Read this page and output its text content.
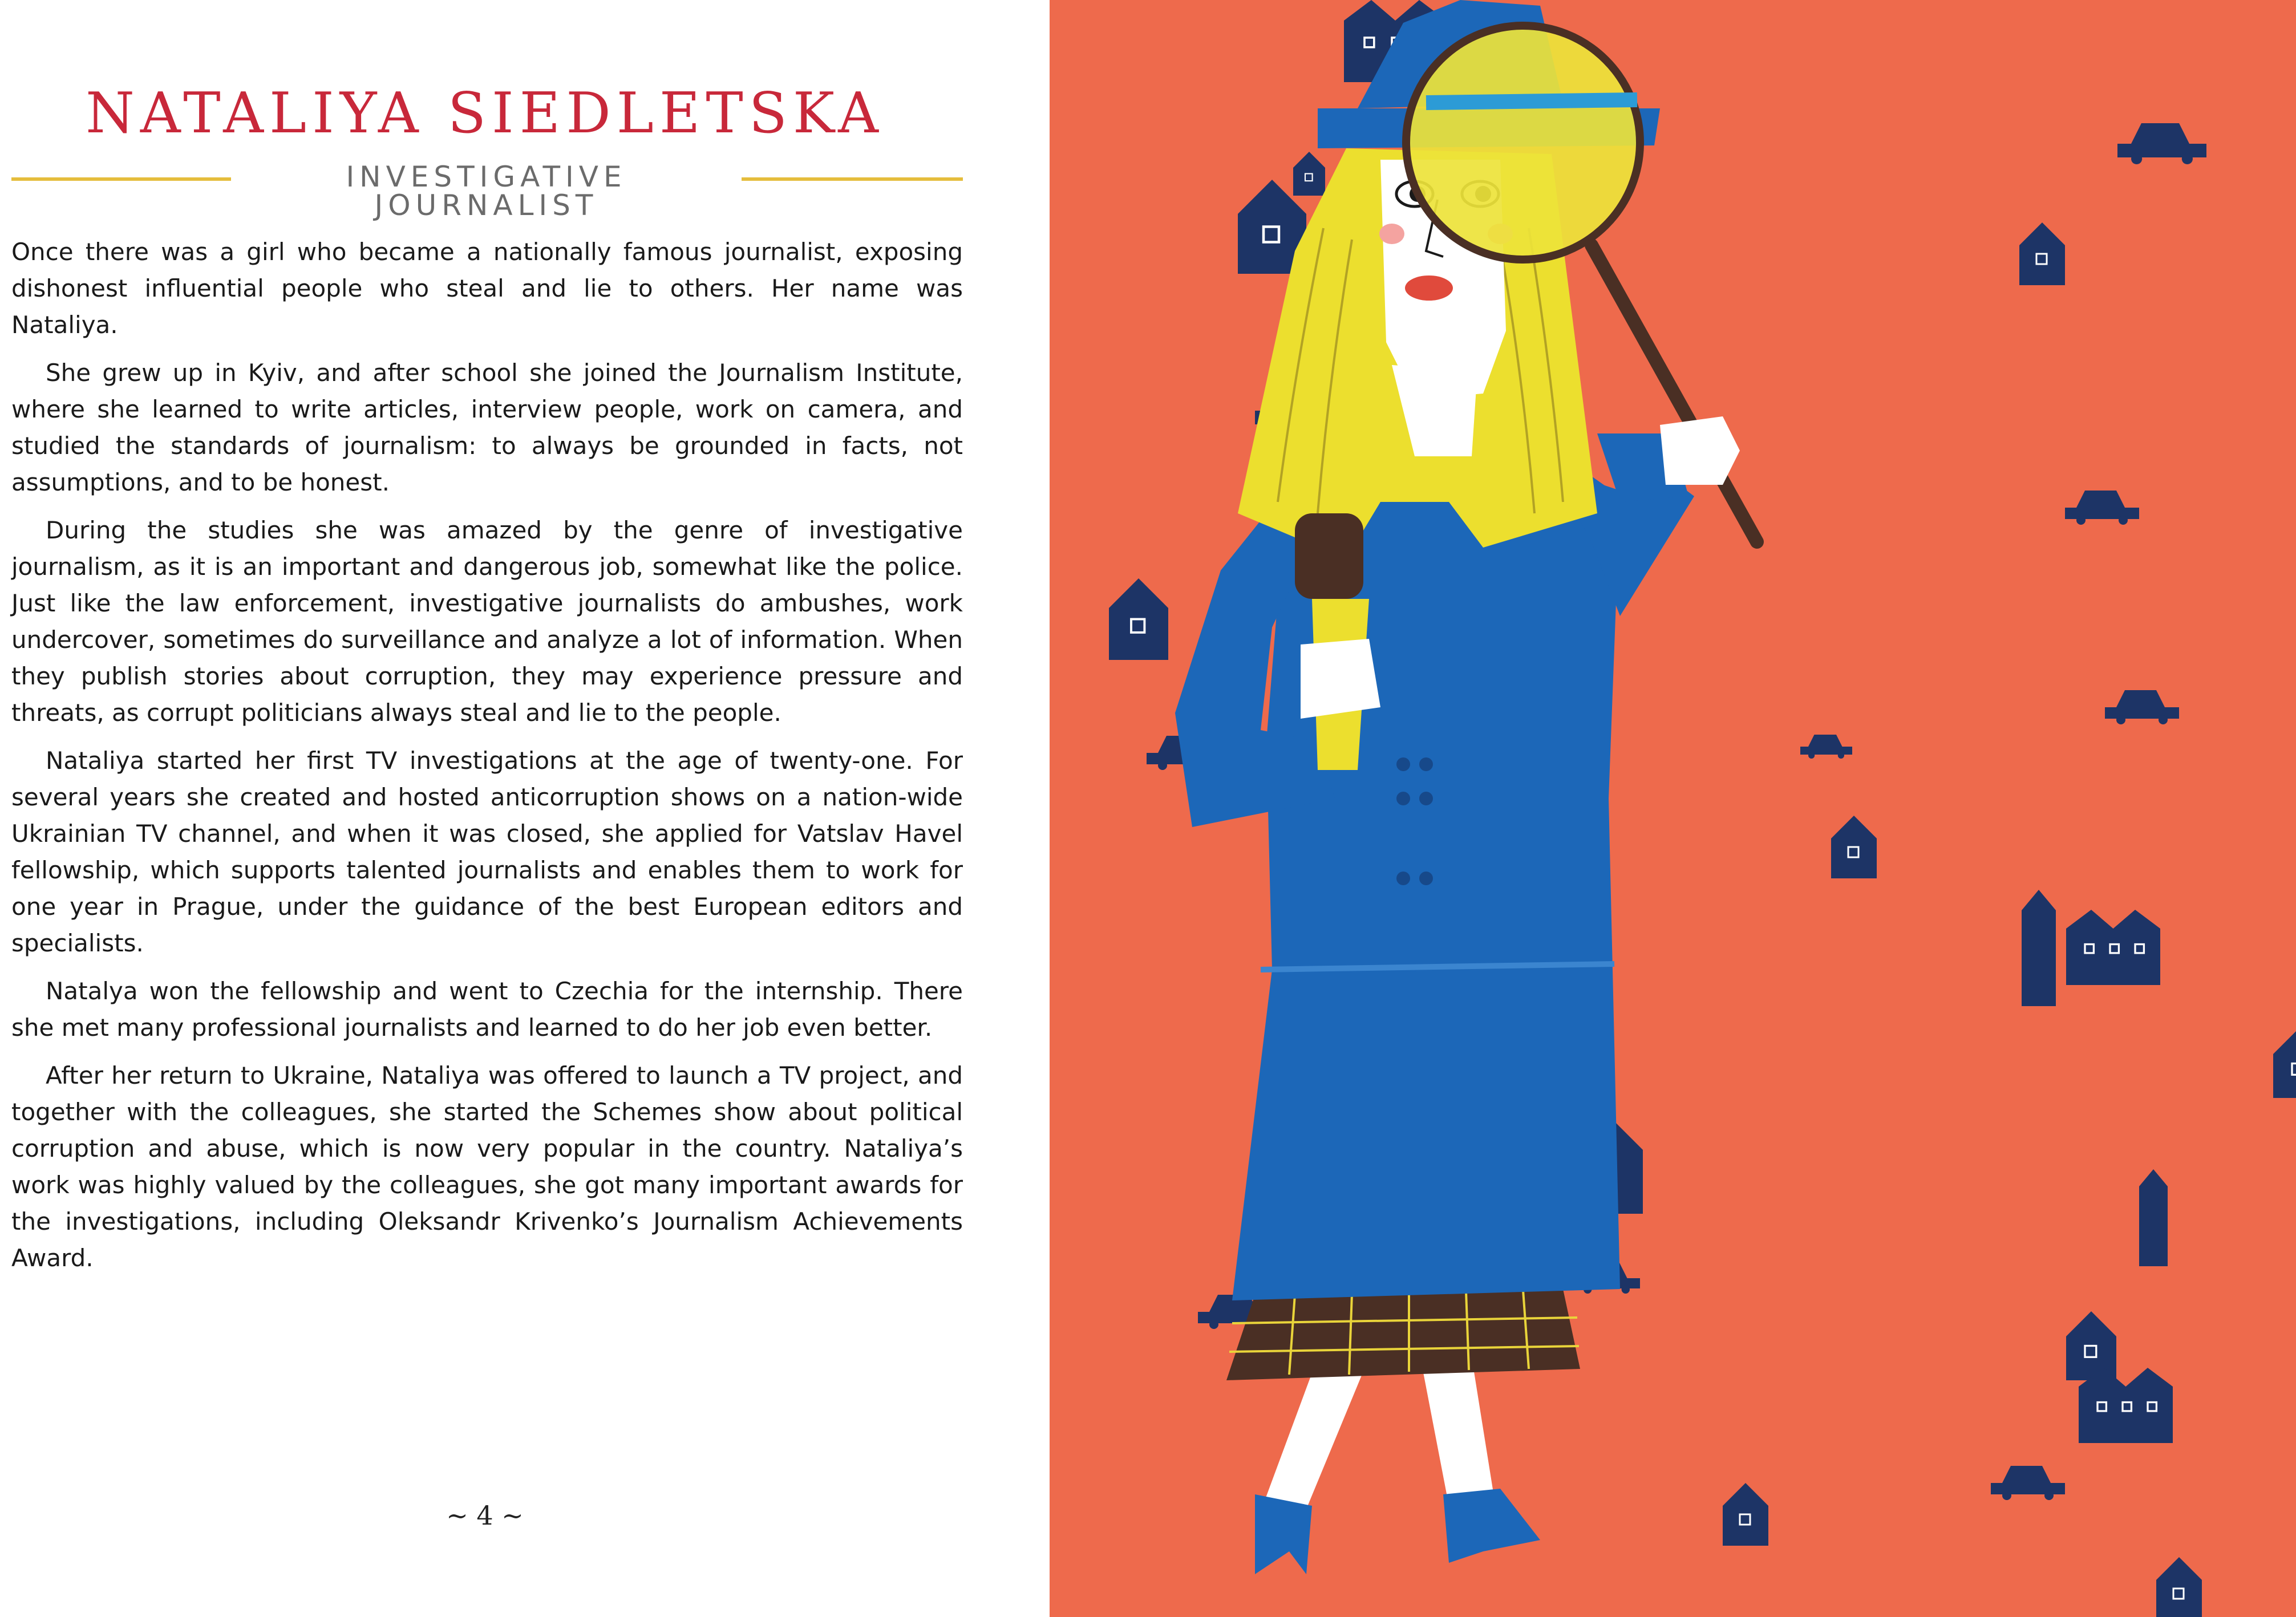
NATALIYA SIEDLETSKA
INVESTIGATIVE JOURNALIST

Once there was a girl who became a nationally famous journalist, exposing dishonest influential people who steal and lie to others. Her name was Nataliya.

She grew up in Kyiv, and after school she joined the Journalism Institute, where she learned to write articles, interview people, work on camera, and studied the standards of journalism: to always be grounded in facts, not assumptions, and to be honest.

During the studies she was amazed by the genre of investigative journalism, as it is an important and dangerous job, somewhat like the police. Just like the law enforcement, investigative journalists do ambushes, work undercover, sometimes do surveillance and analyze a lot of information. When they publish stories about corruption, they may experience pressure and threats, as corrupt politicians always steal and lie to the people.

Nataliya started her first TV investigations at the age of twenty-one. For several years she created and hosted anticorruption shows on a nation-wide Ukrainian TV channel, and when it was closed, she applied for Vatslav Havel fellowship, which supports talented journalists and enables them to work for one year in Prague, under the guidance of the best European editors and specialists.

Natalya won the fellowship and went to Czechia for the internship. There she met many professional journalists and learned to do her job even better.

After her return to Ukraine, Nataliya was offered to launch a TV project, and together with the colleagues, she started the Schemes show about political corruption and abuse, which is now very popular in the country. Nataliya’s work was highly valued by the colleagues, she got many important awards for the investigations, including Oleksandr Krivenko’s Journalism Achievements Award.

~ 4 ~
